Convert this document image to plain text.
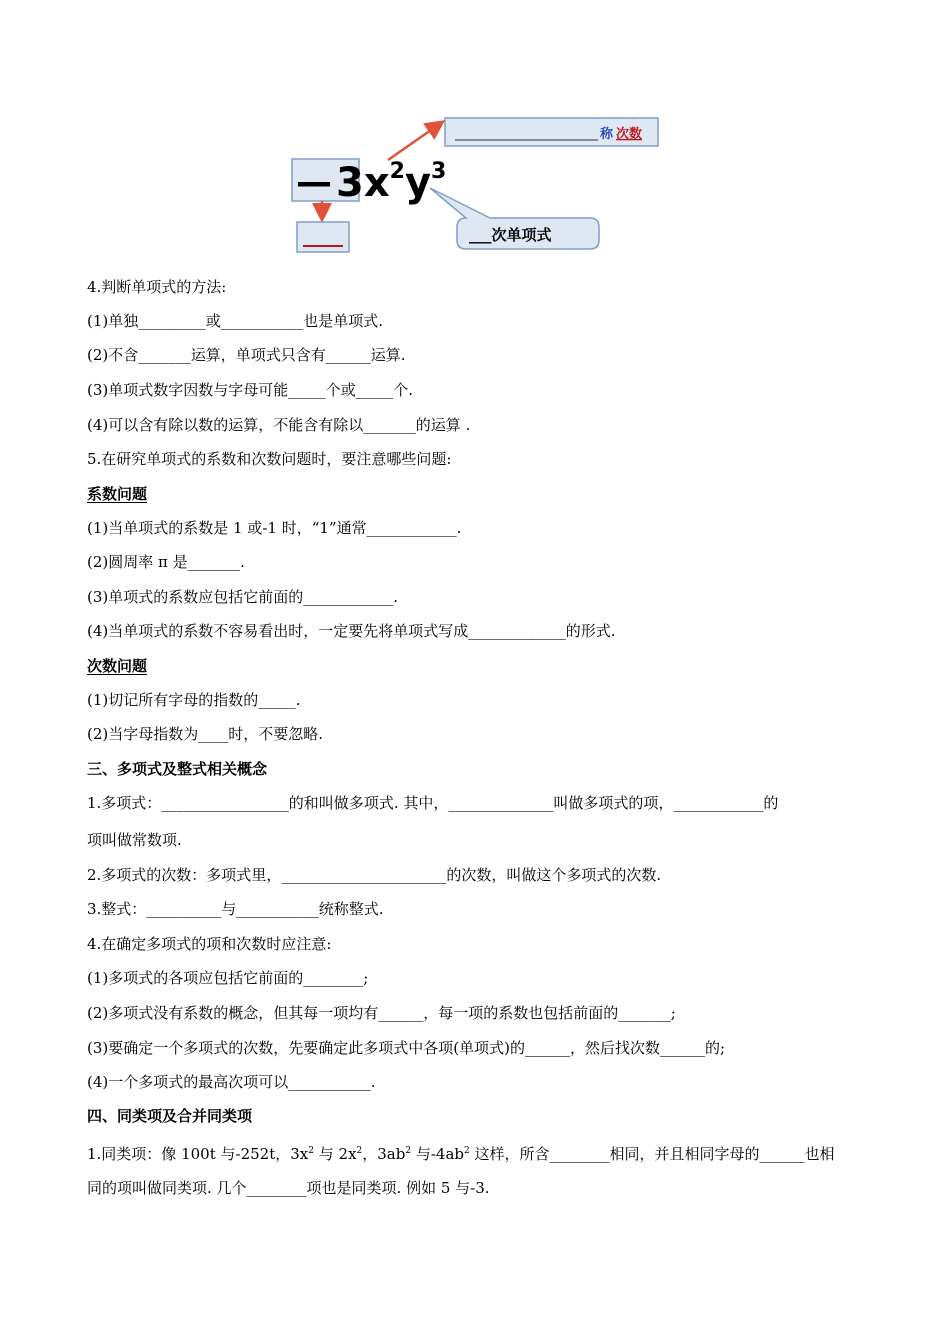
— $3x^2y^3$
称 次数
___次单项式
4.判断单项式的方法:
(1)单独_________或___________也是单项式.
(2)不含_______运算，单项式只含有______运算.
(3)单项式数字因数与字母可能_____个或_____个.
(4)可以含有除以数的运算，不能含有除以_______的运算 .
5.在研究单项式的系数和次数问题时，要注意哪些问题:
系数问题
(1)当单项式的系数是 1 或-1 时，“1”通常____________.
(2)圆周率 π 是_______.
(3)单项式的系数应包括它前面的____________.
(4)当单项式的系数不容易看出时，一定要先将单项式写成_____________的形式.
次数问题
(1)切记所有字母的指数的_____.
(2)当字母指数为____时，不要忽略.
三、多项式及整式相关概念
1.多项式：_________________的和叫做多项式. 其中，______________叫做多项式的项，____________的
项叫做常数项.
2.多项式的次数：多项式里，______________________的次数，叫做这个多项式的次数.
3.整式：__________与___________统称整式.
4.在确定多项式的项和次数时应注意:
(1)多项式的各项应包括它前面的________;
(2)多项式没有系数的概念，但其每一项均有______，每一项的系数也包括前面的_______;
(3)要确定一个多项式的次数，先要确定此多项式中各项(单项式)的______，然后找次数______的;
(4)一个多项式的最高次项可以___________.
四、同类项及合并同类项
1.同类项：像 100t 与-252t，$3x^2$ 与 $2x^2$，$3ab^2$ 与$-4ab^2$ 这样，所含________相同，并且相同字母的______也相
同的项叫做同类项. 几个________项也是同类项. 例如 5 与-3.
